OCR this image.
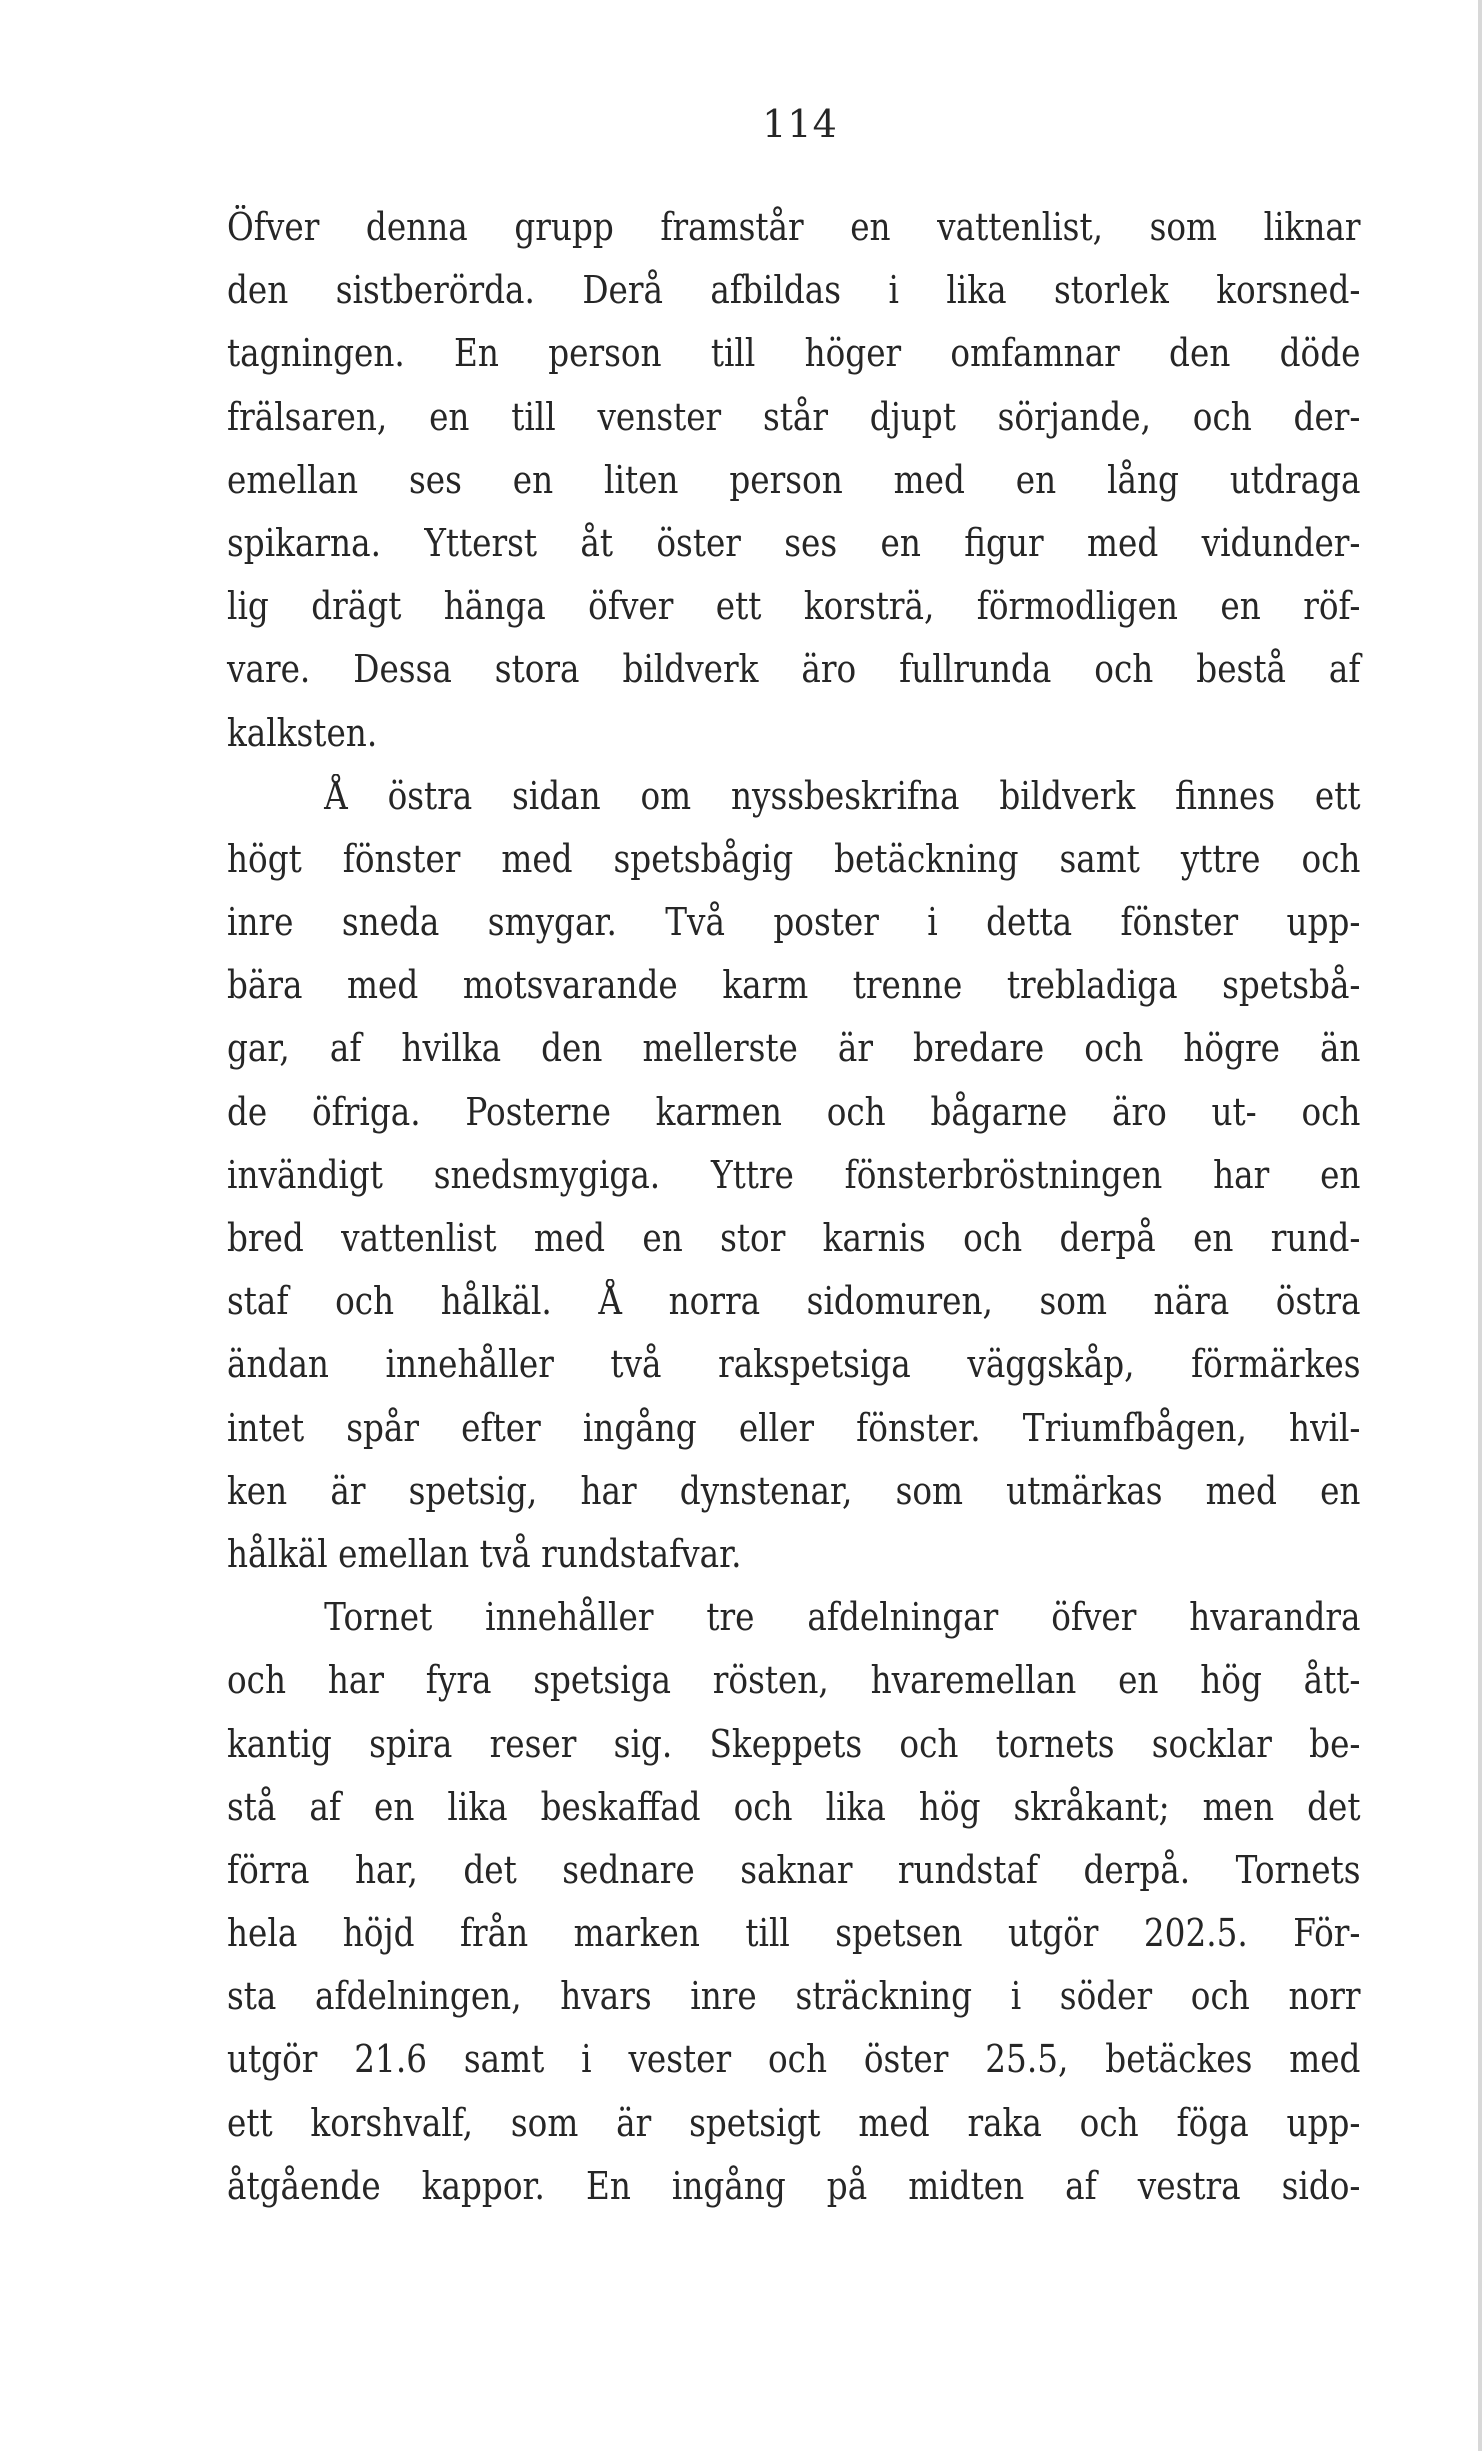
114
Öfver denna grupp framstår en vattenlist, som liknar
den sistberörda. Derå afbildas i lika storlek korsned-
tagningen. En person till höger omfamnar den döde
frälsaren, en till venster står djupt sörjande, och der-
emellan ses en liten person med en lång utdraga
spikarna. Ytterst åt öster ses en figur med vidunder-
lig drägt hänga öfver ett korsträ, förmodligen en röf-
vare. Dessa stora bildverk äro fullrunda och bestå af
kalksten.
Å östra sidan om nyssbeskrifna bildverk finnes ett
högt fönster med spetsbågig betäckning samt yttre och
inre sneda smygar. Två poster i detta fönster upp-
bära med motsvarande karm trenne trebladiga spetsbå-
gar, af hvilka den mellerste är bredare och högre än
de öfriga. Posterne karmen och bågarne äro ut- och
invändigt snedsmygiga. Yttre fönsterbröstningen har en
bred vattenlist med en stor karnis och derpå en rund-
staf och hålkäl. Å norra sidomuren, som nära östra
ändan innehåller två rakspetsiga väggskåp, förmärkes
intet spår efter ingång eller fönster. Triumfbågen, hvil-
ken är spetsig, har dynstenar, som utmärkas med en
hålkäl emellan två rundstafvar.
Tornet innehåller tre afdelningar öfver hvarandra
och har fyra spetsiga rösten, hvaremellan en hög ått-
kantig spira reser sig. Skeppets och tornets socklar be-
stå af en lika beskaffad och lika hög skråkant; men det
förra har, det sednare saknar rundstaf derpå. Tornets
hela höjd från marken till spetsen utgör 202.5. För-
sta afdelningen, hvars inre sträckning i söder och norr
utgör 21.6 samt i vester och öster 25.5, betäckes med
ett korshvalf, som är spetsigt med raka och föga upp-
åtgående kappor. En ingång på midten af vestra sido-
